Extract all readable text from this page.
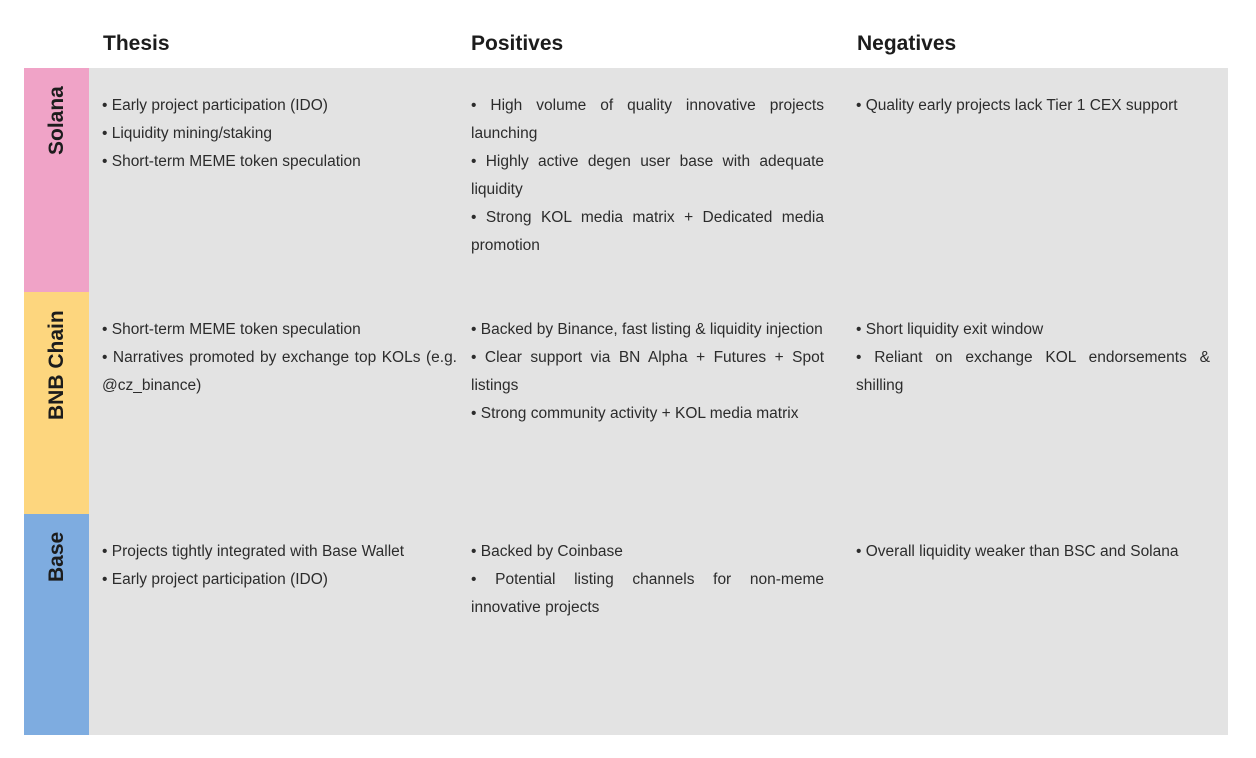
Thesis	Positives	Negatives
Solana • Early project participation (IDO)

• Liquidity mining/staking

• Short-term MEME token speculation

• High volume of quality innovative projects launching

• Highly active degen user base with adequate liquidity

• Strong KOL media matrix + Dedicated media promotion

• Quality early projects lack Tier 1 CEX support

BNB Chain • Short-term MEME token speculation

• Narratives promoted by exchange top KOLs (e.g. @cz_binance)

• Backed by Binance, fast listing & liquidity injection

• Clear support via BN Alpha + Futures + Spot listings

• Strong community activity + KOL media matrix

• Short liquidity exit window

• Reliant on exchange KOL endorsements & shilling

Base • Projects tightly integrated with Base Wallet

• Early project participation (IDO)

• Backed by Coinbase

• Potential listing channels for non-meme innovative projects

• Overall liquidity weaker than BSC and Solana
